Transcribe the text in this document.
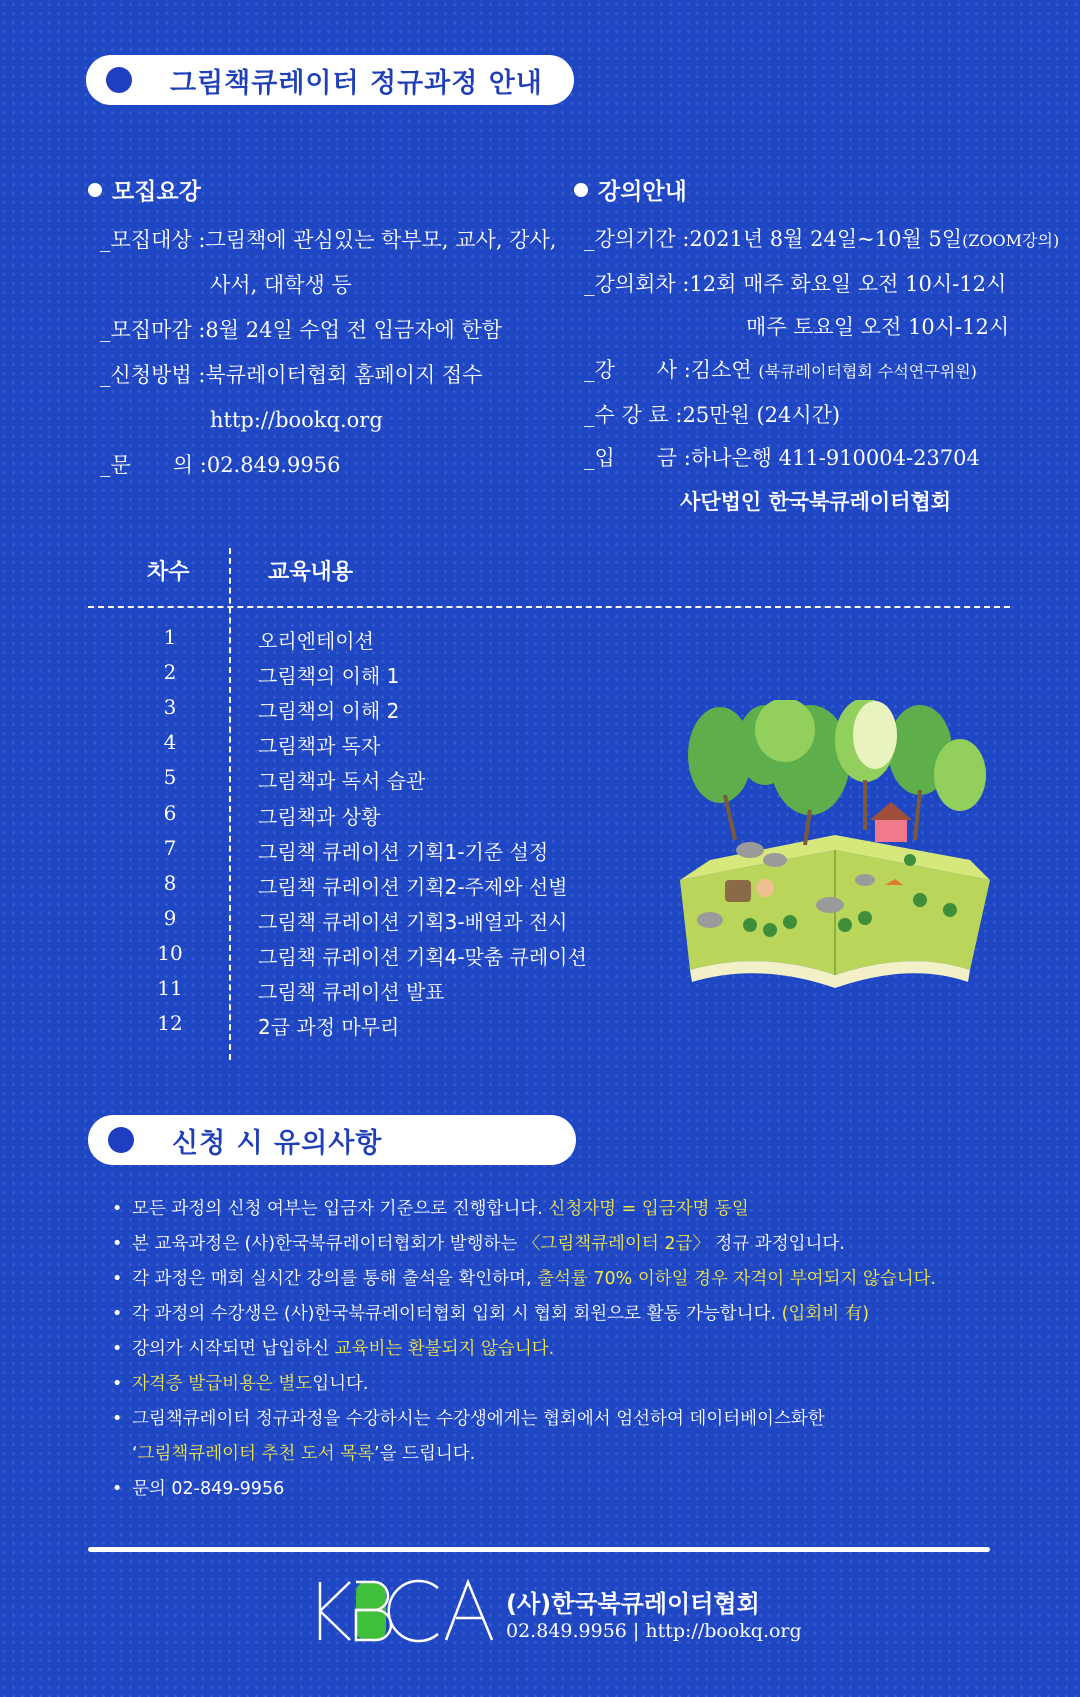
그림책큐레이터 정규과정 안내
모집요강
_모집대상 : 그림책에 관심있는 학부모, 교사, 강사,
사서, 대학생 등
_모집마감 : 8월 24일 수업 전 입금자에 한함
_신청방법 : 북큐레이터협회 홈페이지 접수
http://bookq.org
_문　　의 : 02.849.9956
강의안내
_강의기간 : 2021년 8월 24일~10월 5일 (ZOOM강의)
_강의회차 : 12회 매주 화요일 오전 10시-12시
매주 토요일 오전 10시-12시
_강　　사 : 김소연
(북큐레이터협회 수석연구위원)
_수 강 료 : 25만원 (24시간)
_입　　금 : 하나은행 411-910004-23704
사단법인 한국북큐레이터협회
차수	교육내용
1	오리엔테이션
2	그림책의 이해 1
3	그림책의 이해 2
4	그림책과 독자
5	그림책과 독서 습관
6	그림책과 상황
7	그림책 큐레이션 기획1-기준 설정
8	그림책 큐레이션 기획2-주제와 선별
9	그림책 큐레이션 기획3-배열과 전시
10	그림책 큐레이션 기획4-맞춤 큐레이션
11	그림책 큐레이션 발표
12	2급 과정 마무리
신청 시 유의사항
• 모든 과정의 신청 여부는 입금자 기준으로 진행합니다. 신청자명 = 입금자명 동일
• 본 교육과정은 (사)한국북큐레이터협회가 발행하는 〈그림책큐레이터 2급〉 정규 과정입니다.
• 각 과정은 매회 실시간 강의를 통해 출석을 확인하며, 출석률 70% 이하일 경우 자격이 부여되지 않습니다.
• 각 과정의 수강생은 (사)한국북큐레이터협회 입회 시 협회 회원으로 활동 가능합니다. (입회비 有)
• 강의가 시작되면 납입하신 교육비는 환불되지 않습니다.
• 자격증 발급비용은 별도입니다.
• 그림책큐레이터 정규과정을 수강하시는 수강생에게는 협회에서 엄선하여 데이터베이스화한
‘그림책큐레이터 추천 도서 목록’을 드립니다.
• 문의 02-849-9956
(사)한국북큐레이터협회
02.849.9956 | http://bookq.org
